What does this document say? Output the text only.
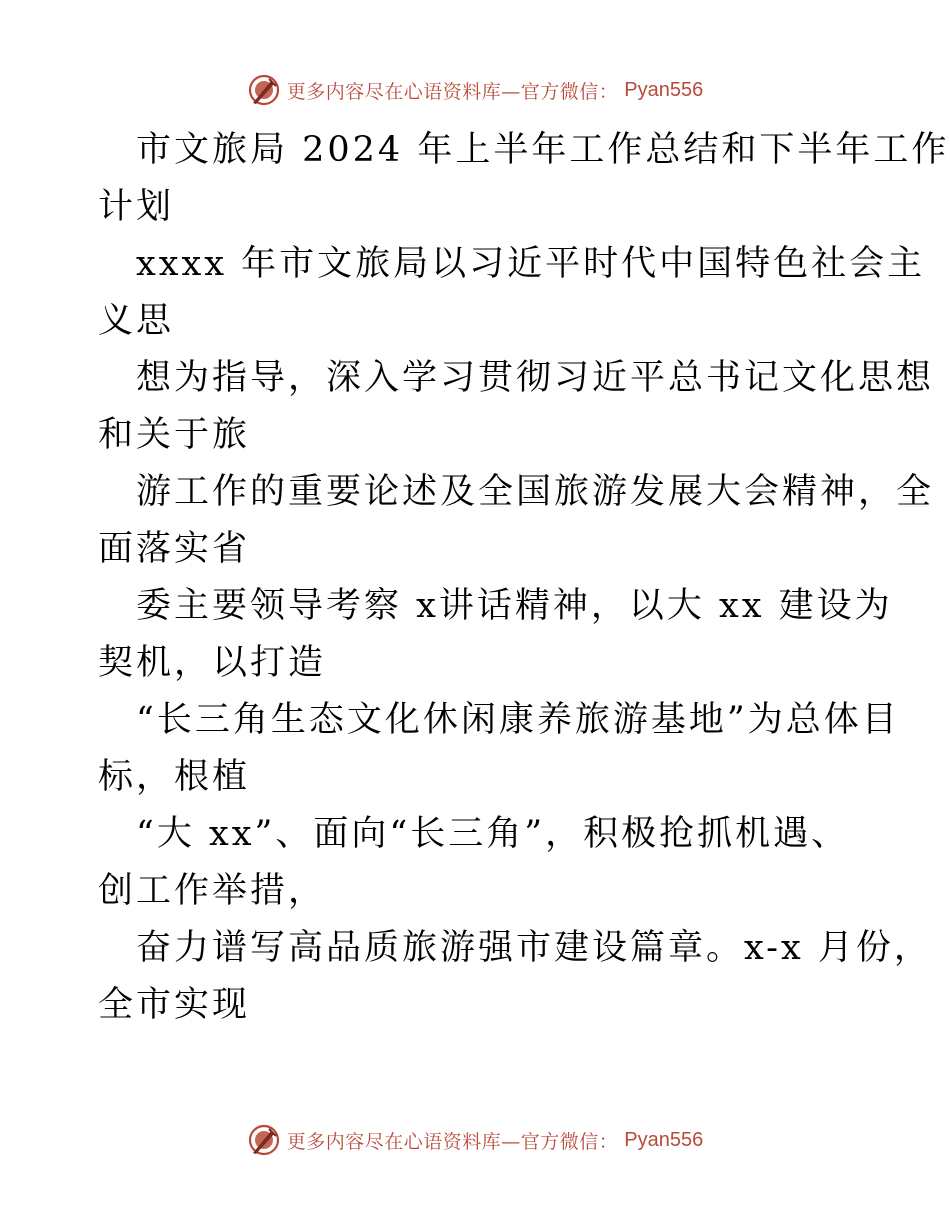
更多内容尽在心语资料库—官方微信： Pyan556

市文旅局 2024 年上半年工作总结和下半年工作
计划

xxxx 年市文旅局以习近平时代中国特色社会主
义思

想为指导，深入学习贯彻习近平总书记文化思想
和关于旅

游工作的重要论述及全国旅游发展大会精神，全
面落实省

委主要领导考察 x讲话精神，以大 xx 建设为
契机，以打造

“长三角生态文化休闲康养旅游基地”为总体目
标，根植

“大 xx”、面向“长三角”，积极抢抓机遇、
创工作举措，

奋力谱写高品质旅游强市建设篇章。x-x 月份，
全市实现

更多内容尽在心语资料库—官方微信： Pyan556
